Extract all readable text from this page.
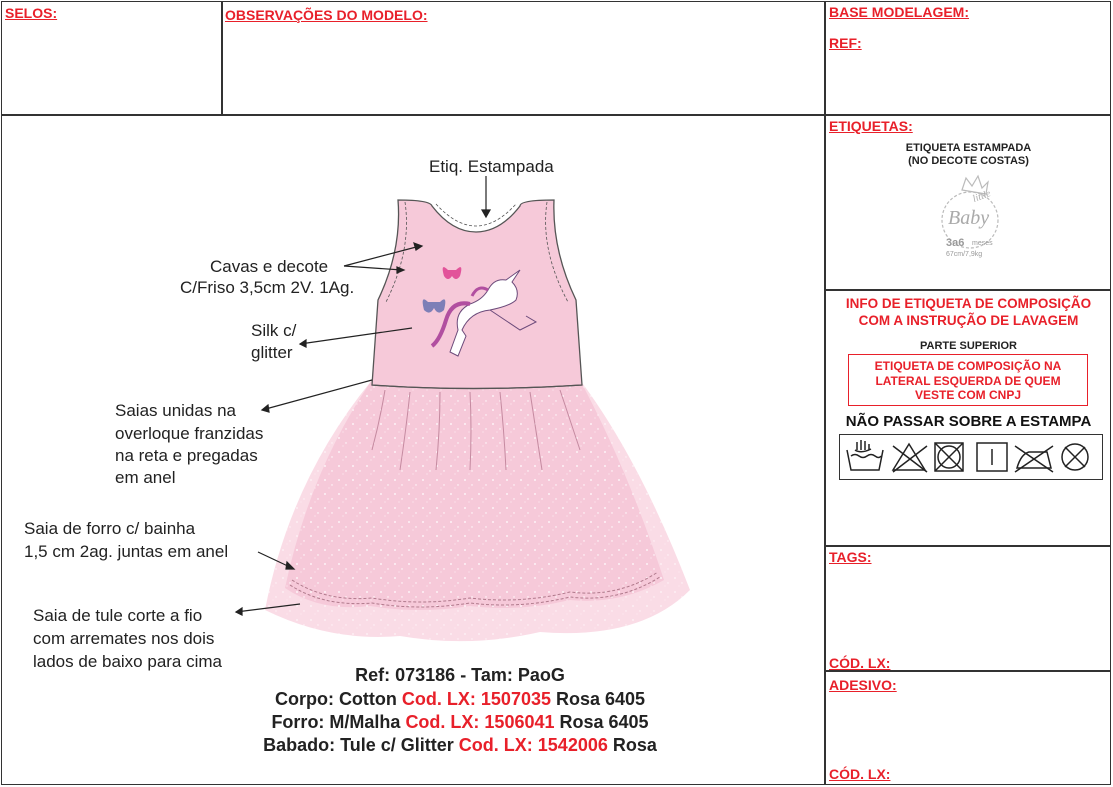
SELOS:	OBSERVAÇÕES DO MODELO:	BASE MODELAGEM:
REF:
ETIQUETAS:
ETIQUETA ESTAMPADA
(NO DECOTE COSTAS)
little
Baby
3a6 meses
67cm/7,9kg
INFO DE ETIQUETA DE COMPOSIÇÃO
COM A INSTRUÇÃO DE LAVAGEM
PARTE SUPERIOR
ETIQUETA DE COMPOSIÇÃO NA
LATERAL ESQUERDA DE QUEM
VESTE COM CNPJ
NÃO PASSAR SOBRE A ESTAMPA
TAGS:
CÓD. LX:
ADESIVO:
CÓD. LX:
Etiq. Estampada
Cavas e decote
C/Friso 3,5cm 2V. 1Ag.
Silk c/
glitter
Saias unidas na
overloque franzidas
na reta e pregadas
em anel
Saia de forro c/ bainha
1,5 cm 2ag. juntas em anel
Saia de tule corte a fio
com arremates nos dois
lados de baixo para cima
Ref: 073186 - Tam: PaoG
Corpo: Cotton Cod. LX: 1507035 Rosa 6405
Forro: M/Malha Cod. LX: 1506041 Rosa 6405
Babado: Tule c/ Glitter Cod. LX: 1542006 Rosa
